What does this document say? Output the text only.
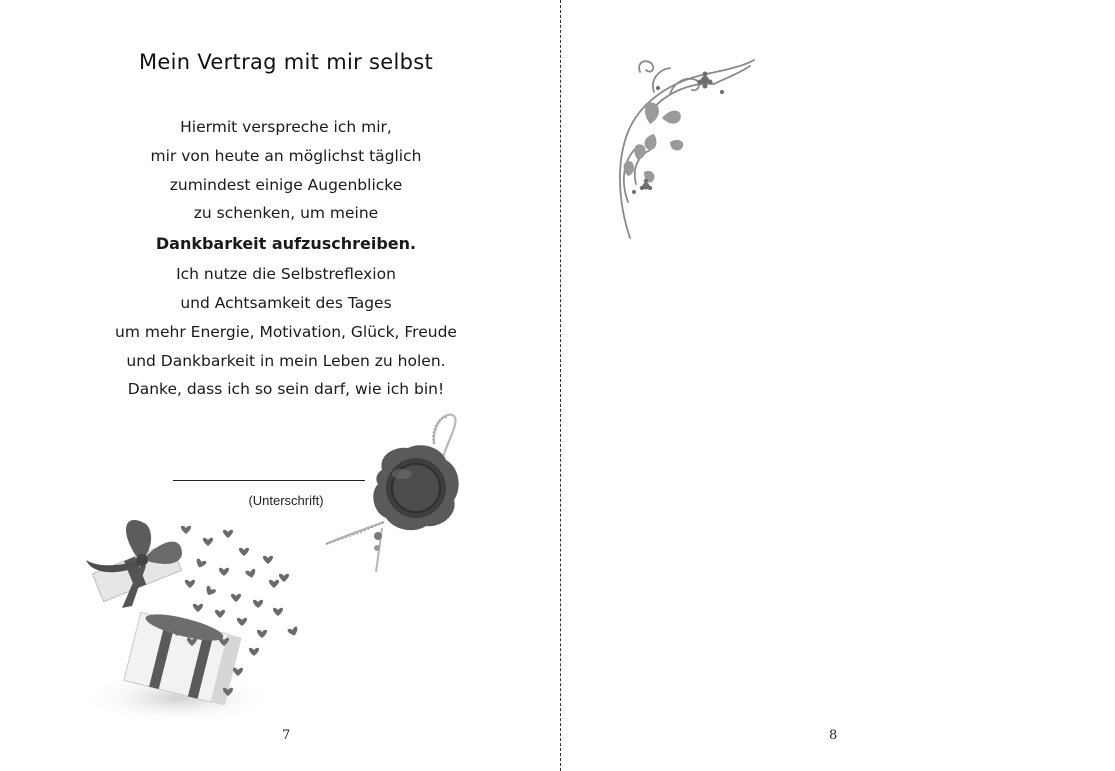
Mein Vertrag mit mir selbst
Hiermit verspreche ich mir,
mir von heute an möglichst täglich
zumindest einige Augenblicke
zu schenken, um meine
Dankbarkeit aufzuschreiben.
Ich nutze die Selbstreflexion
und Achtsamkeit des Tages
um mehr Energie, Motivation, Glück, Freude
und Dankbarkeit in mein Leben zu holen.
Danke, dass ich so sein darf, wie ich bin!
(Unterschrift)
7	8
